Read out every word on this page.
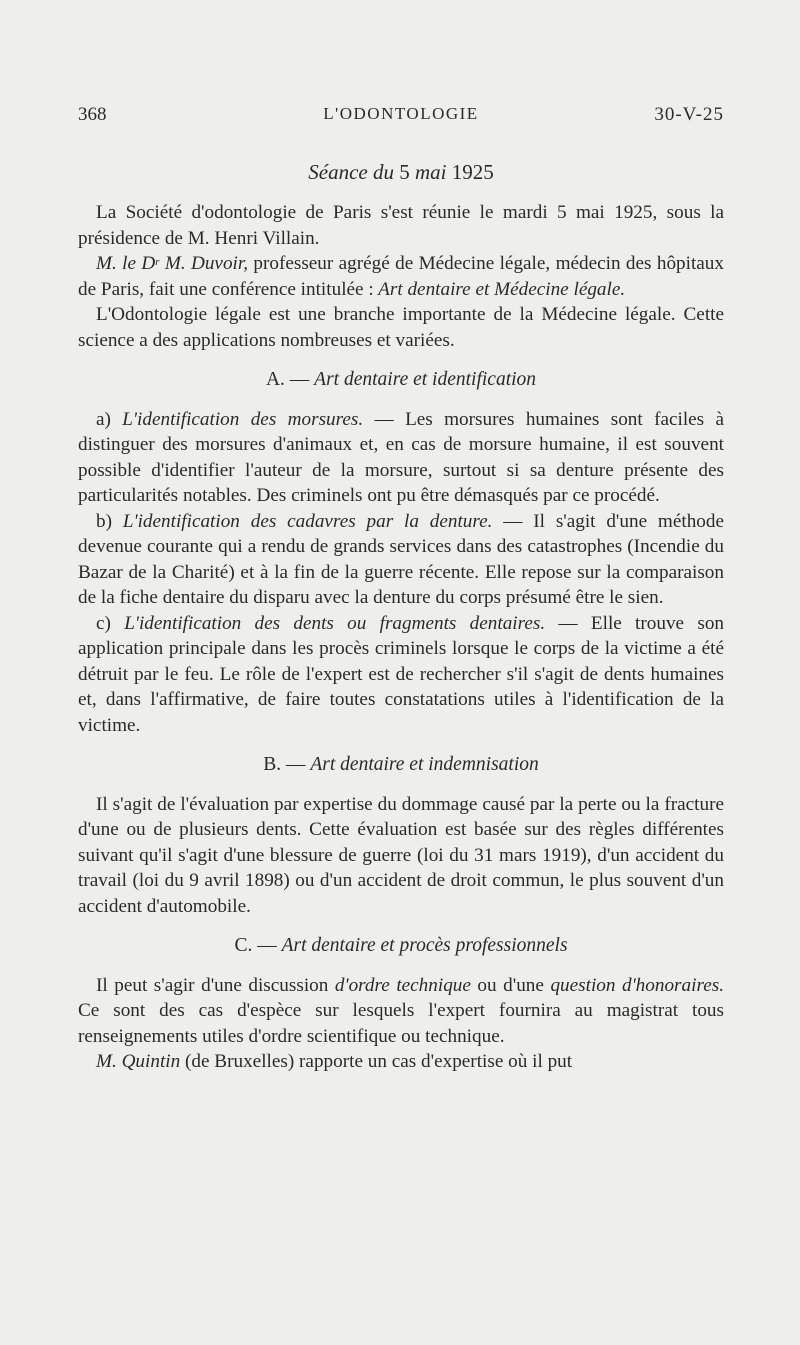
368	L'ODONTOLOGIE	30-V-25
Séance du 5 mai 1925

La Société d'odontologie de Paris s'est réunie le mardi 5 mai 1925, sous la présidence de M. Henri Villain.

M. le $D^r$ M. Duvoir, professeur agrégé de Médecine légale, médecin des hôpitaux de Paris, fait une conférence intitulée : Art dentaire et Médecine légale.

L'Odontologie légale est une branche importante de la Médecine légale. Cette science a des applications nombreuses et variées.

A. — Art dentaire et identification

a) L'identification des morsures. — Les morsures humaines sont faciles à distinguer des morsures d'animaux et, en cas de morsure humaine, il est souvent possible d'identifier l'auteur de la morsure, surtout si sa denture présente des particularités notables. Des criminels ont pu être démasqués par ce procédé.

b) L'identification des cadavres par la denture. — Il s'agit d'une méthode devenue courante qui a rendu de grands services dans des catastrophes (Incendie du Bazar de la Charité) et à la fin de la guerre récente. Elle repose sur la comparaison de la fiche dentaire du disparu avec la denture du corps présumé être le sien.

c) L'identification des dents ou fragments dentaires. — Elle trouve son application principale dans les procès criminels lorsque le corps de la victime a été détruit par le feu. Le rôle de l'expert est de rechercher s'il s'agit de dents humaines et, dans l'affirmative, de faire toutes constatations utiles à l'identification de la victime.

B. — Art dentaire et indemnisation

Il s'agit de l'évaluation par expertise du dommage causé par la perte ou la fracture d'une ou de plusieurs dents. Cette évaluation est basée sur des règles différentes suivant qu'il s'agit d'une blessure de guerre (loi du 31 mars 1919), d'un accident du travail (loi du 9 avril 1898) ou d'un accident de droit commun, le plus souvent d'un accident d'automobile.

C. — Art dentaire et procès professionnels

Il peut s'agir d'une discussion d'ordre technique ou d'une question d'honoraires. Ce sont des cas d'espèce sur lesquels l'expert fournira au magistrat tous renseignements utiles d'ordre scientifique ou technique.

M. Quintin (de Bruxelles) rapporte un cas d'expertise où il put
